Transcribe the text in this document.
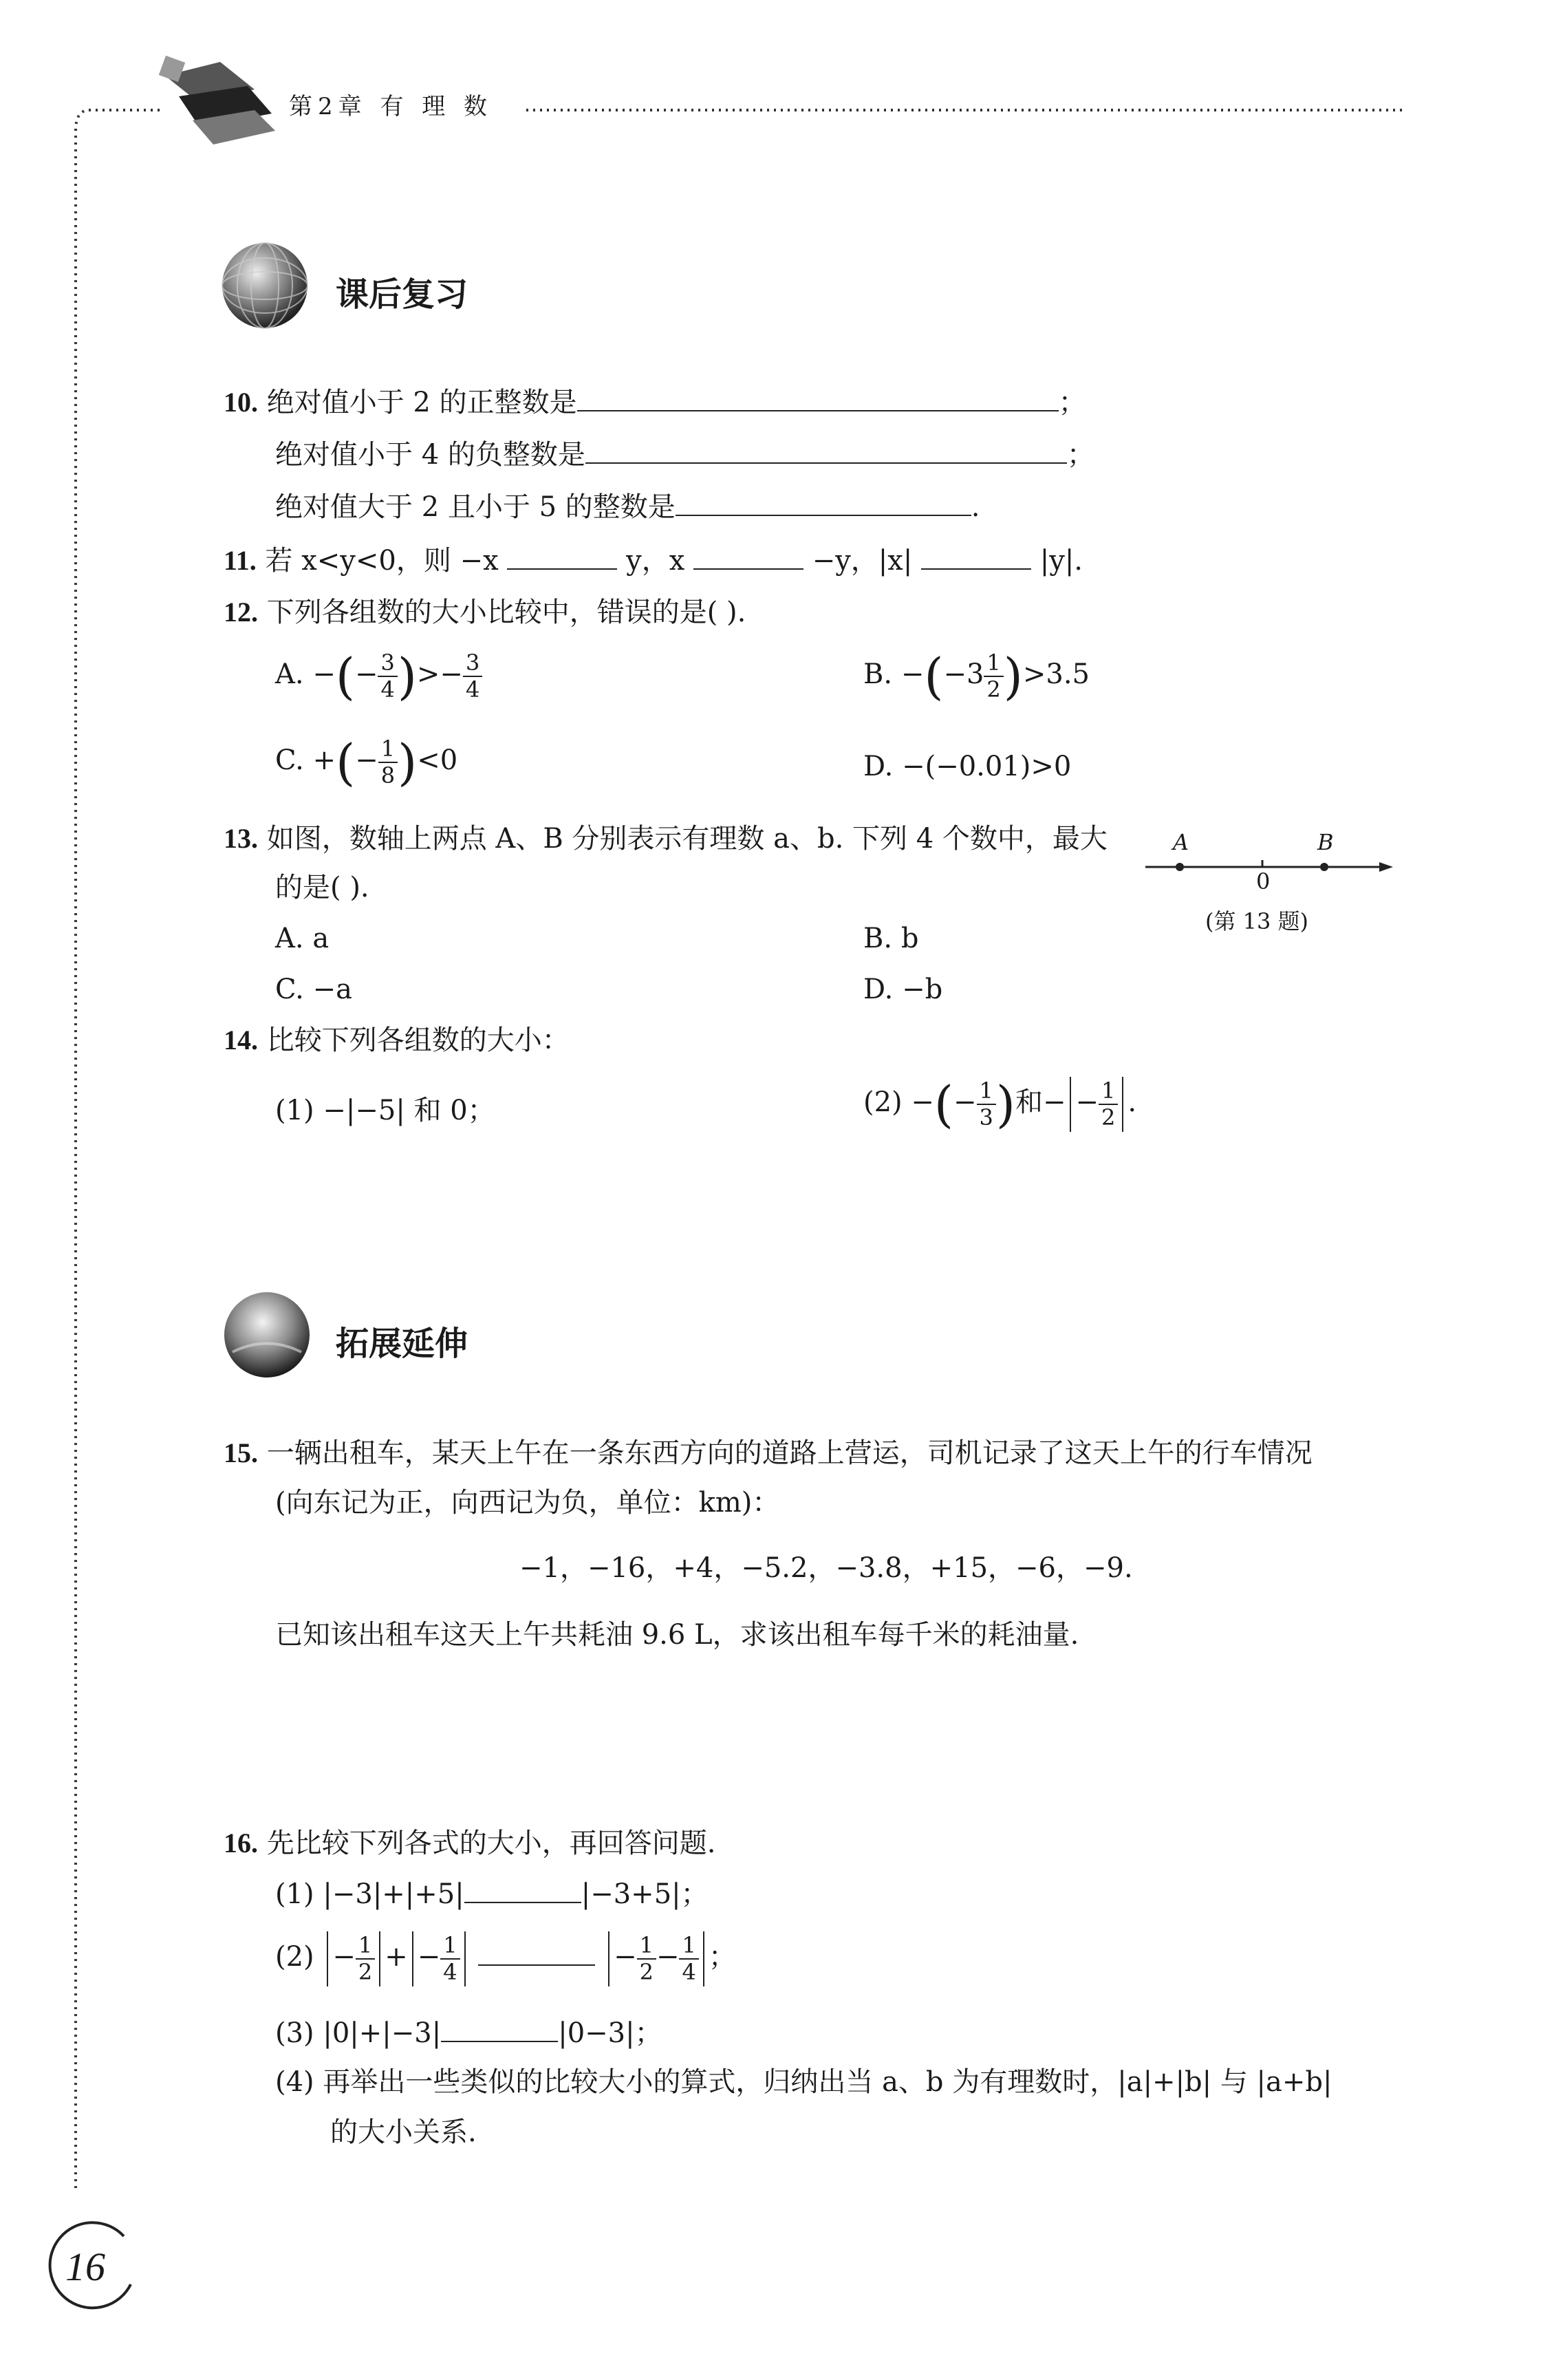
第2章 有 理 数
课后复习
10. 绝对值小于 2 的正整数是	；
绝对值小于 4 的负整数是	；
绝对值大于 2 且小于 5 的整数是	.
11. 若 x<y<0，则 −x	y，x	−y，|x|	|y|.
12. 下列各组数的大小比较中，错误的是( ).
A. −(− $\frac{3}{4}$ )>− $\frac{3}{4}$	B. $-(-3 \frac{1}{2} )>3.5$
C. +(− $\frac{1}{8} )<0$	D. −(−0.01)>0
13. 如图，数轴上两点 A、B 分别表示有理数 a、b. 下列 4 个数中，最大
的是( ).
A. a	B. b
C. −a	D. −b
A	B
0
(第 13 题)
14. 比较下列各组数的大小：
(1) −|−5| 和 0；	(2) −(− $\frac{1}{3}$ )和− − $\frac{1}{2}$ .
拓展延伸
15. 一辆出租车，某天上午在一条东西方向的道路上营运，司机记录了这天上午的行车情况
(向东记为正，向西记为负，单位：km)：
−1，−16，+4，−5.2，−3.8，+15，−6，−9.
已知该出租车这天上午共耗油 9.6 L，求该出租车每千米的耗油量.
16. 先比较下列各式的大小，再回答问题.
(1) |−3|+|+5|	|−3+5|；
$(2) - \frac{1}{2}$ + − $\frac{1}{4}$	− $\frac{1}{2} - \frac{1}{4}$ ；
(3) |0|+|−3|	|0−3|；
(4) 再举出一些类似的比较大小的算式，归纳出当 a、b 为有理数时，|a|+|b| 与 |a+b|
的大小关系.
16
